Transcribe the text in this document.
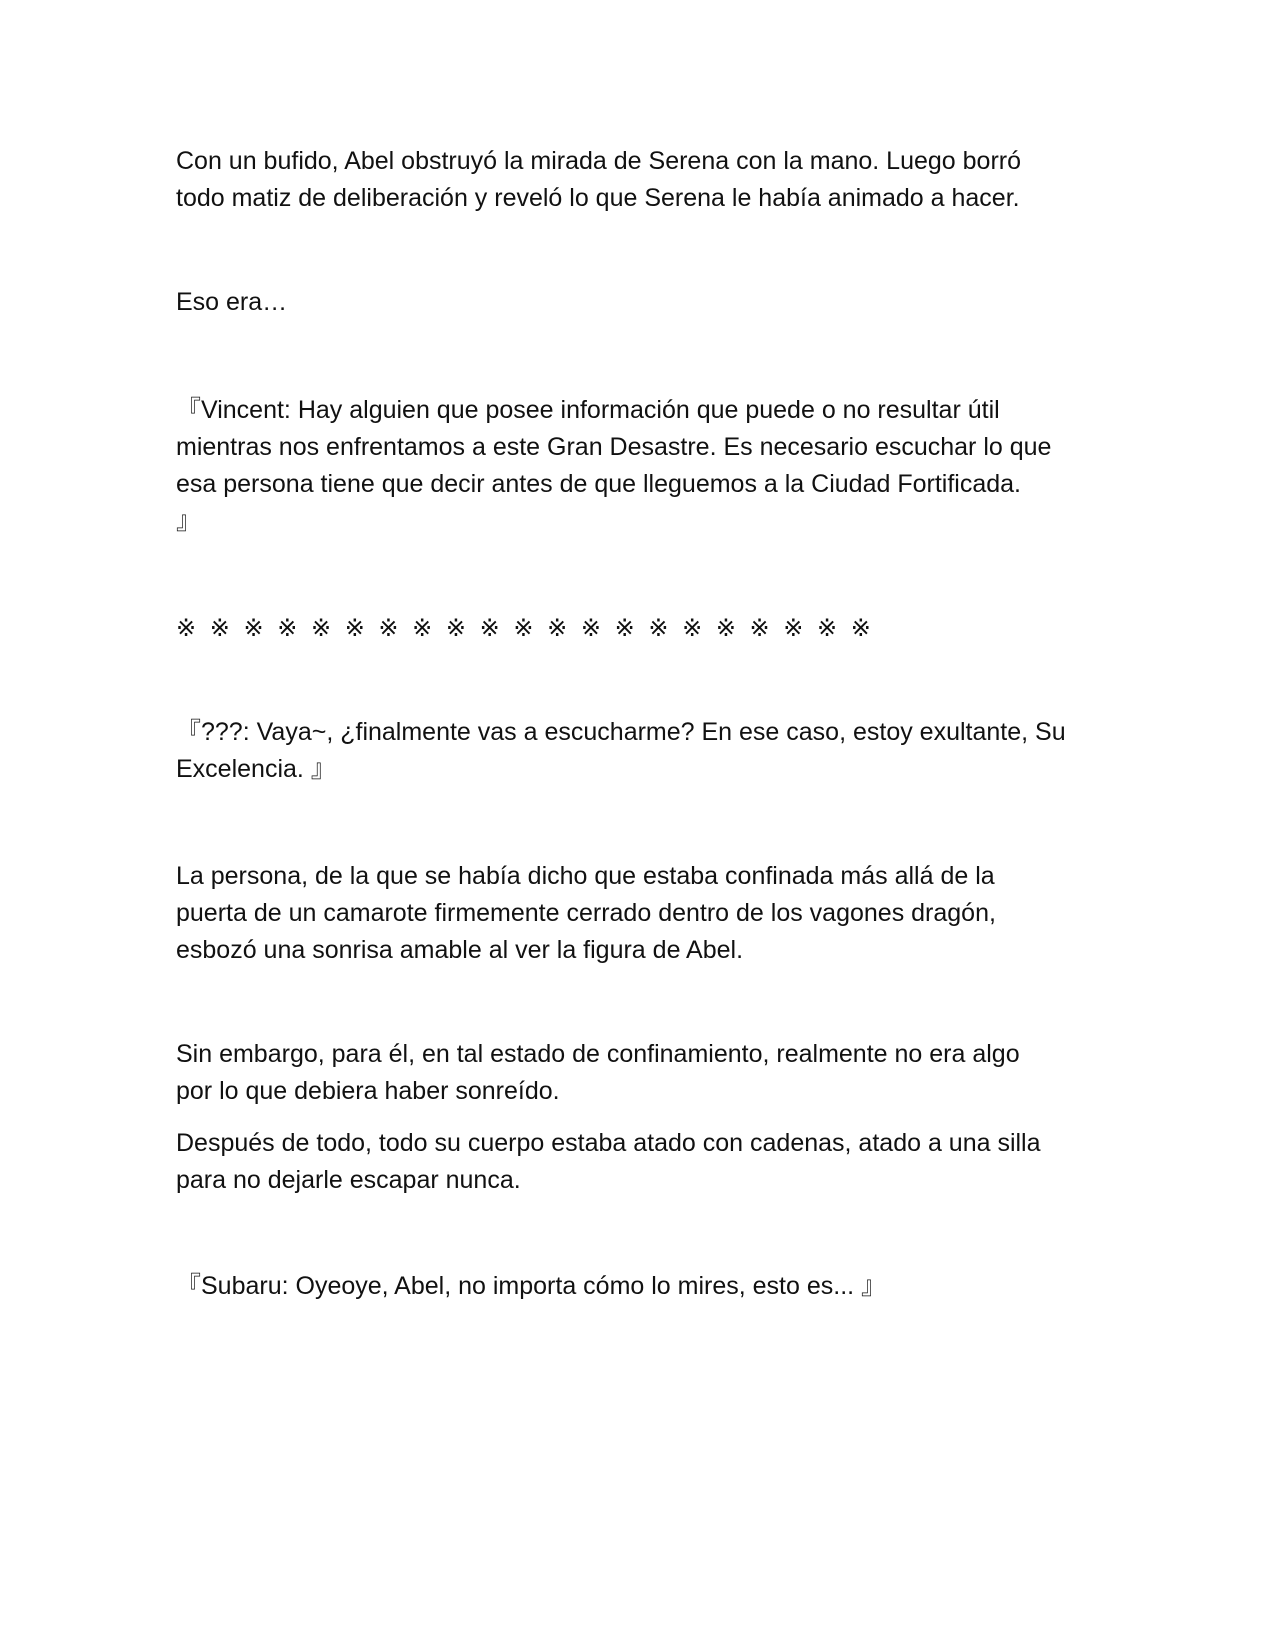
Con un bufido, Abel obstruyó la mirada de Serena con la mano. Luego borró
todo matiz de deliberación y reveló lo que Serena le había animado a hacer.

Eso era…

『Vincent: Hay alguien que posee información que puede o no resultar útil
mientras nos enfrentamos a este Gran Desastre. Es necesario escuchar lo que
esa persona tiene que decir antes de que lleguemos a la Ciudad Fortificada.
』

※ ※ ※ ※ ※ ※ ※ ※ ※ ※ ※ ※ ※ ※ ※ ※ ※ ※ ※ ※ ※

『???: Vaya~, ¿finalmente vas a escucharme? En ese caso, estoy exultante, Su
Excelencia. 』

La persona, de la que se había dicho que estaba confinada más allá de la
puerta de un camarote firmemente cerrado dentro de los vagones dragón,
esbozó una sonrisa amable al ver la figura de Abel.

Sin embargo, para él, en tal estado de confinamiento, realmente no era algo
por lo que debiera haber sonreído.

Después de todo, todo su cuerpo estaba atado con cadenas, atado a una silla
para no dejarle escapar nunca.

『Subaru: Oyeoye, Abel, no importa cómo lo mires, esto es... 』
